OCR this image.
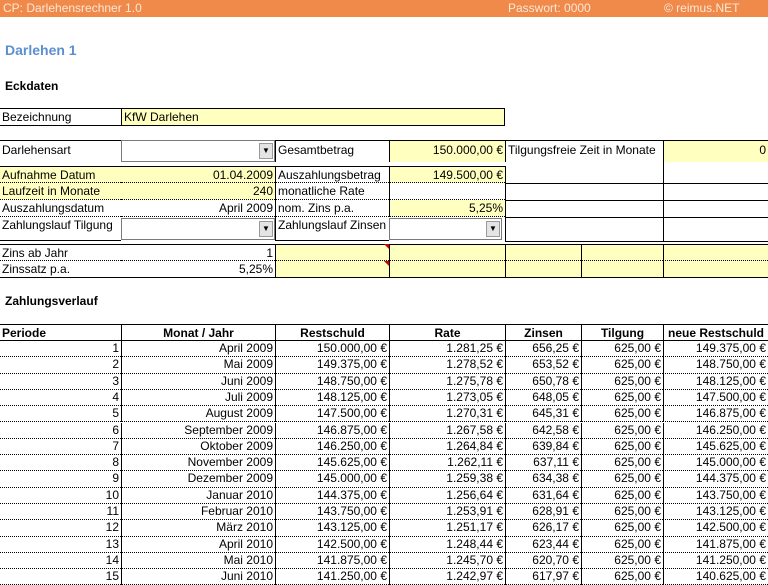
CP: Darlehensrechner 1.0	Passwort: 0000	© reimus.NET
Darlehen 1
Eckdaten
Bezeichnung	KfW Darlehen
Darlehensart	▼ Gesamtbetrag	150.000,00 € Tilgungsfreie Zeit in Monate	0
Aufnahme Datum	01.04.2009 Auszahlungsbetrag	149.500,00 €
Laufzeit in Monate	240 monatliche Rate
Auszahlungsdatum	April 2009 nom. Zins p.a.	5,25%
Zahlungslauf Tilgung	▼ Zahlungslauf Zinsen	▼
Zins ab Jahr	1
Zinssatz p.a.	5,25%
Zahlungsverlauf
Periode	Monat / Jahr	Restschuld	Rate	Zinsen	Tilgung	neue Restschuld
1	April 2009	150.000,00 €	1.281,25 €	656,25 €	625,00 €	149.375,00 €
2	Mai 2009	149.375,00 €	1.278,52 €	653,52 €	625,00 €	148.750,00 €
3	Juni 2009	148.750,00 €	1.275,78 €	650,78 €	625,00 €	148.125,00 €
4	Juli 2009	148.125,00 €	1.273,05 €	648,05 €	625,00 €	147.500,00 €
5	August 2009	147.500,00 €	1.270,31 €	645,31 €	625,00 €	146.875,00 €
6	September 2009	146.875,00 €	1.267,58 €	642,58 €	625,00 €	146.250,00 €
7	Oktober 2009	146.250,00 €	1.264,84 €	639,84 €	625,00 €	145.625,00 €
8	November 2009	145.625,00 €	1.262,11 €	637,11 €	625,00 €	145.000,00 €
9	Dezember 2009	145.000,00 €	1.259,38 €	634,38 €	625,00 €	144.375,00 €
10	Januar 2010	144.375,00 €	1.256,64 €	631,64 €	625,00 €	143.750,00 €
11	Februar 2010	143.750,00 €	1.253,91 €	628,91 €	625,00 €	143.125,00 €
12	März 2010	143.125,00 €	1.251,17 €	626,17 €	625,00 €	142.500,00 €
13	April 2010	142.500,00 €	1.248,44 €	623,44 €	625,00 €	141.875,00 €
14	Mai 2010	141.875,00 €	1.245,70 €	620,70 €	625,00 €	141.250,00 €
15	Juni 2010	141.250,00 €	1.242,97 €	617,97 €	625,00 €	140.625,00 €
